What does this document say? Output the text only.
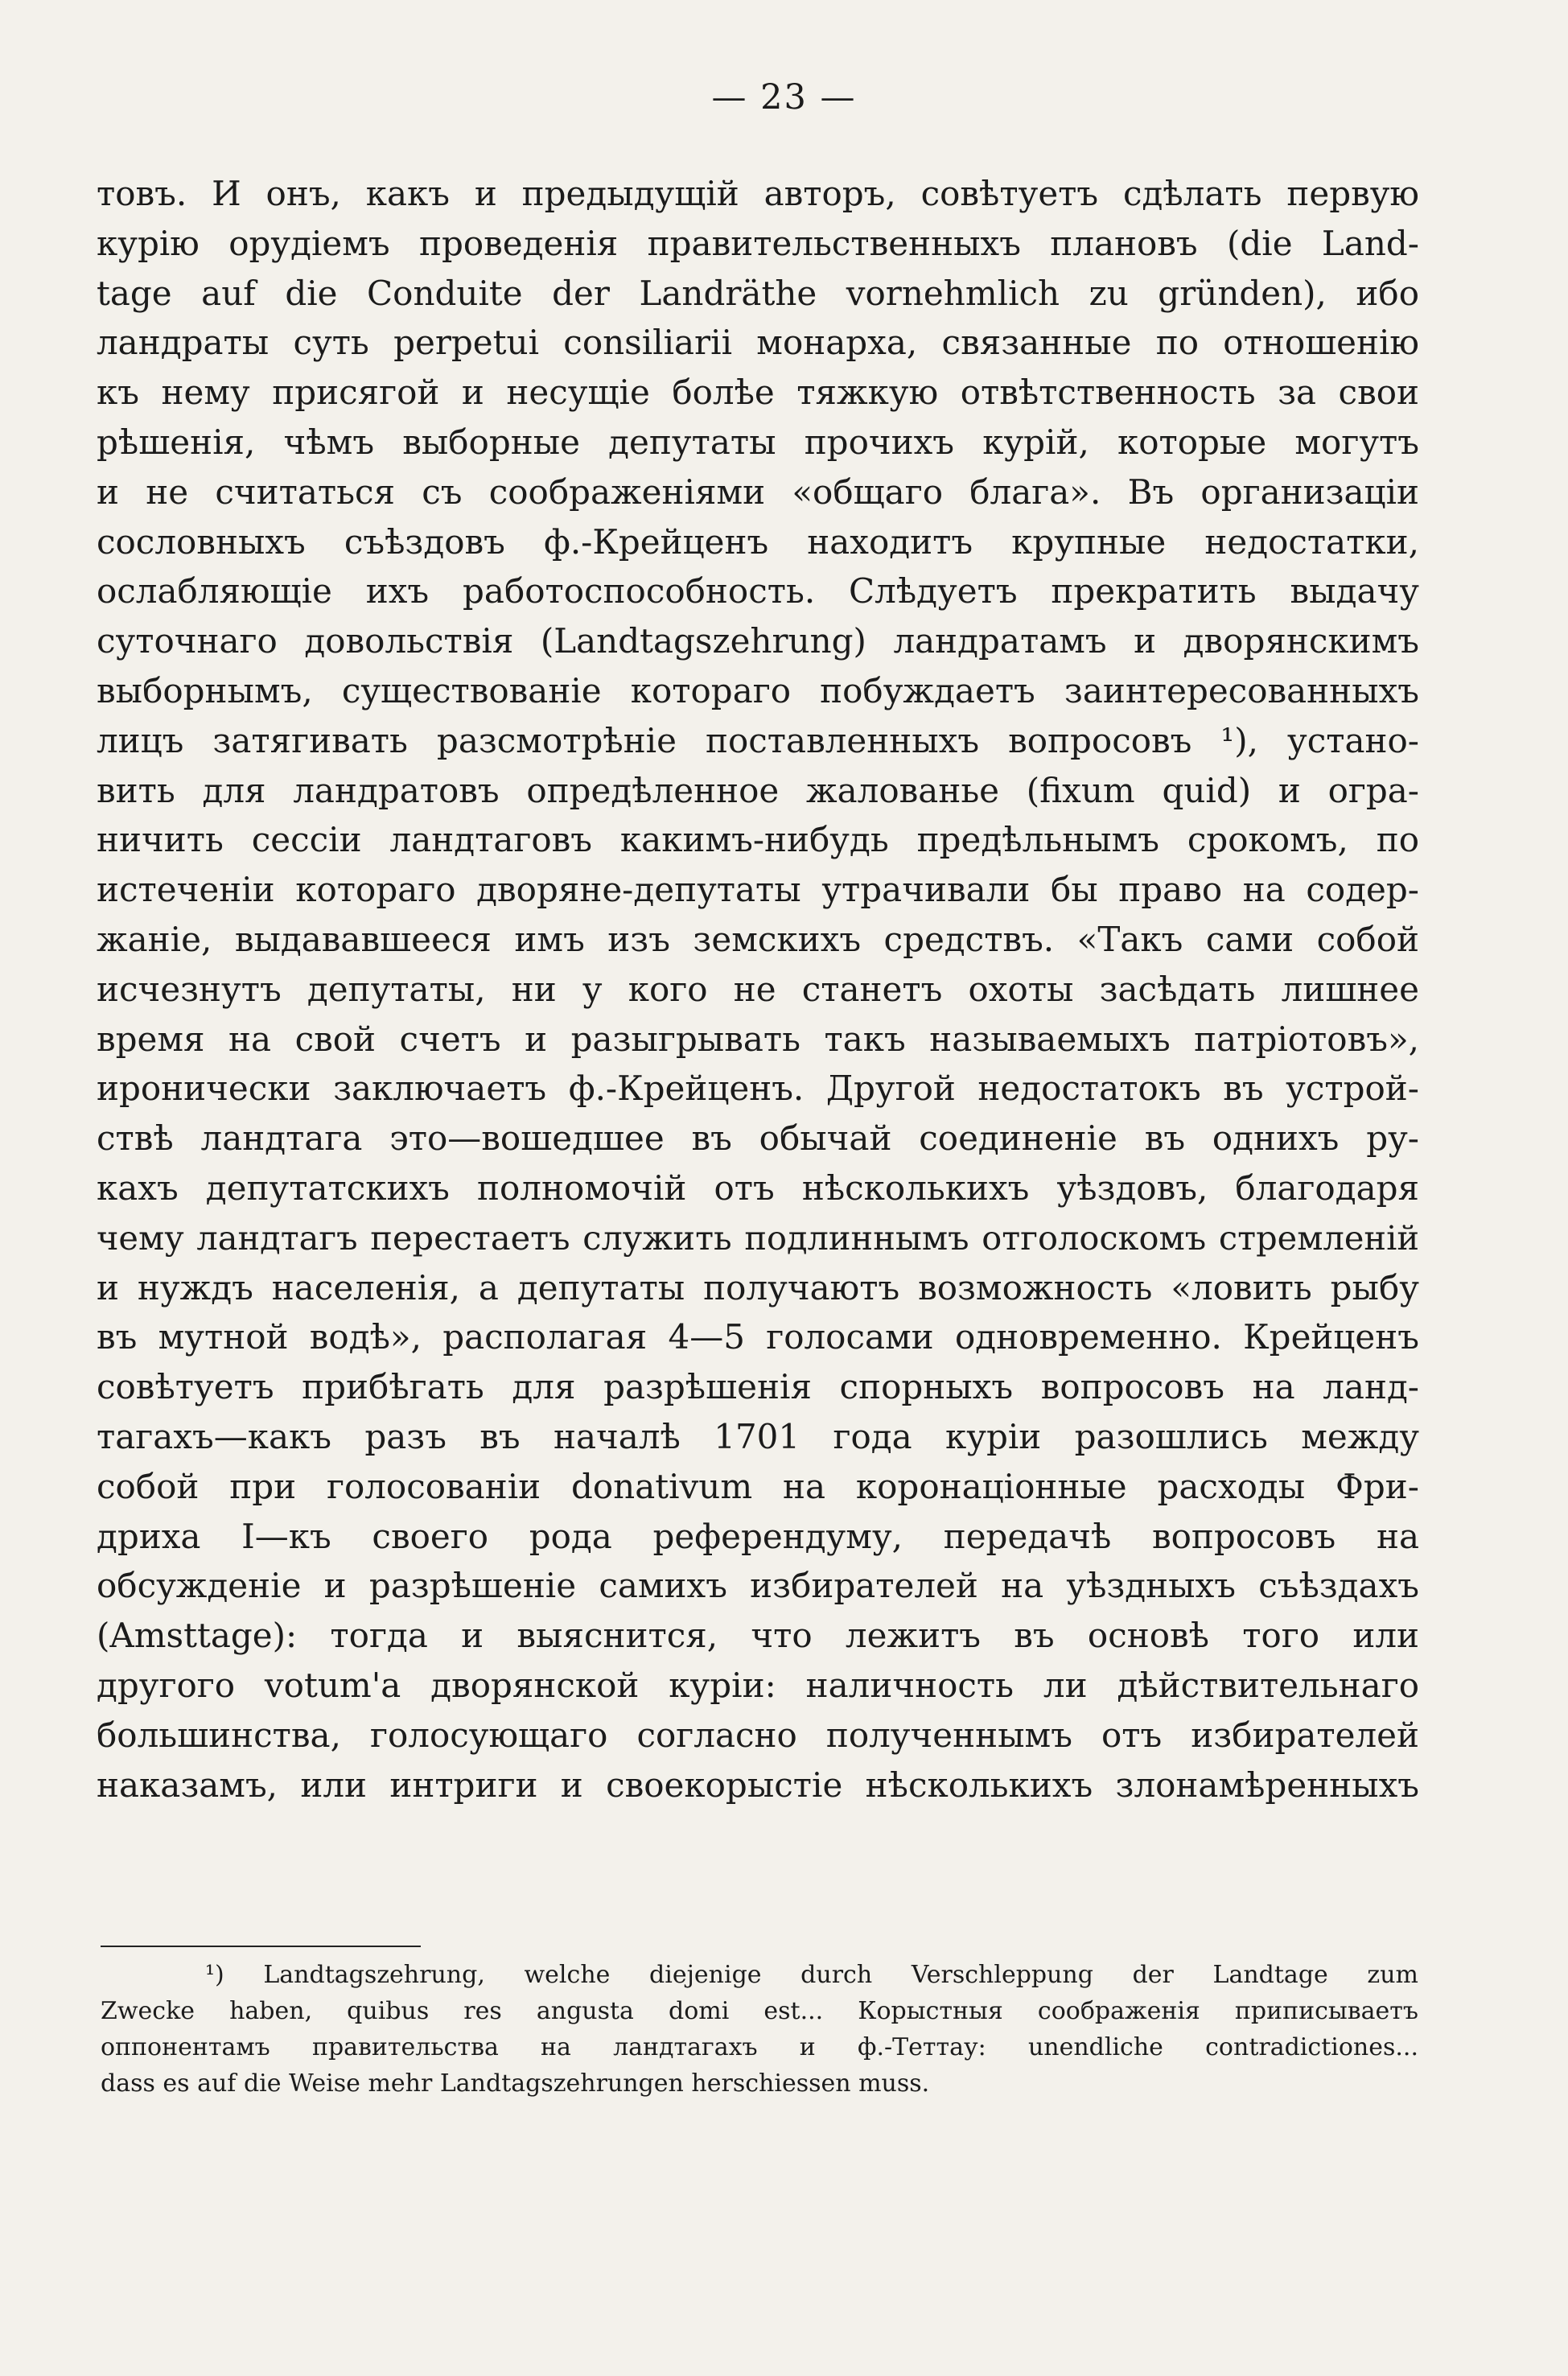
— 23 —
товъ. И онъ, какъ и предыдущій авторъ, совѣтуетъ сдѣлать первую
курію орудіемъ проведенія правительственныхъ плановъ (die Land-
tage auf die Conduite der Landräthe vornehmlich zu gründen), ибо
ландраты суть perpetui consiliarii монарха, связанные по отношенію
къ нему присягой и несущіе болѣе тяжкую отвѣтственность за свои
рѣшенія, чѣмъ выборные депутаты прочихъ курій, которые могутъ
и не считаться съ соображеніями «общаго блага». Въ организаціи
сословныхъ съѣздовъ ф.-Крейценъ находитъ крупные недостатки,
ослабляющіе ихъ работоспособность. Слѣдуетъ прекратить выдачу
суточнаго довольствія (Landtagszehrung) ландратамъ и дворянскимъ
выборнымъ, существованіе котораго побуждаетъ заинтересованныхъ
лицъ затягивать разсмотрѣніе поставленныхъ вопросовъ ¹), устано-
вить для ландратовъ опредѣленное жалованье (fixum quid) и огра-
ничить сессіи ландтаговъ какимъ-нибудь предѣльнымъ срокомъ, по
истеченіи котораго дворяне-депутаты утрачивали бы право на содер-
жаніе, выдававшееся имъ изъ земскихъ средствъ. «Такъ сами собой
исчезнутъ депутаты, ни у кого не станетъ охоты засѣдать лишнее
время на свой счетъ и разыгрывать такъ называемыхъ патріотовъ»,
иронически заключаетъ ф.-Крейценъ. Другой недостатокъ въ устрой-
ствѣ ландтага это—вошедшее въ обычай соединеніе въ однихъ ру-
кахъ депутатскихъ полномочій отъ нѣсколькихъ уѣздовъ, благодаря
чему ландтагъ перестаетъ служить подлиннымъ отголоскомъ стремленій
и нуждъ населенія, а депутаты получаютъ возможность «ловить рыбу
въ мутной водѣ», располагая 4—5 голосами одновременно. Крейценъ
совѣтуетъ прибѣгать для разрѣшенія спорныхъ вопросовъ на ланд-
тагахъ—какъ разъ въ началѣ 1701 года куріи разошлись между
собой при голосованіи donativum на коронаціонные расходы Фри-
дриха I—къ своего рода референдуму, передачѣ вопросовъ на
обсужденіе и разрѣшеніе самихъ избирателей на уѣздныхъ съѣздахъ
(Amsttage): тогда и выяснится, что лежитъ въ основѣ того или
другого votum'а дворянской куріи: наличность ли дѣйствительнаго
большинства, голосующаго согласно полученнымъ отъ избирателей
наказамъ, или интриги и своекорыстіе нѣсколькихъ злонамѣренныхъ
¹) Landtagszehrung, welche diejenige durch Verschleppung der Landtage zum
Zwecke haben, quibus res angusta domi est... Корыстныя соображенія приписываетъ
оппонентамъ правительства на ландтагахъ и ф.-Теттау: unendliche contradictiones...
dass es auf die Weise mehr Landtagszehrungen herschiessen muss.
